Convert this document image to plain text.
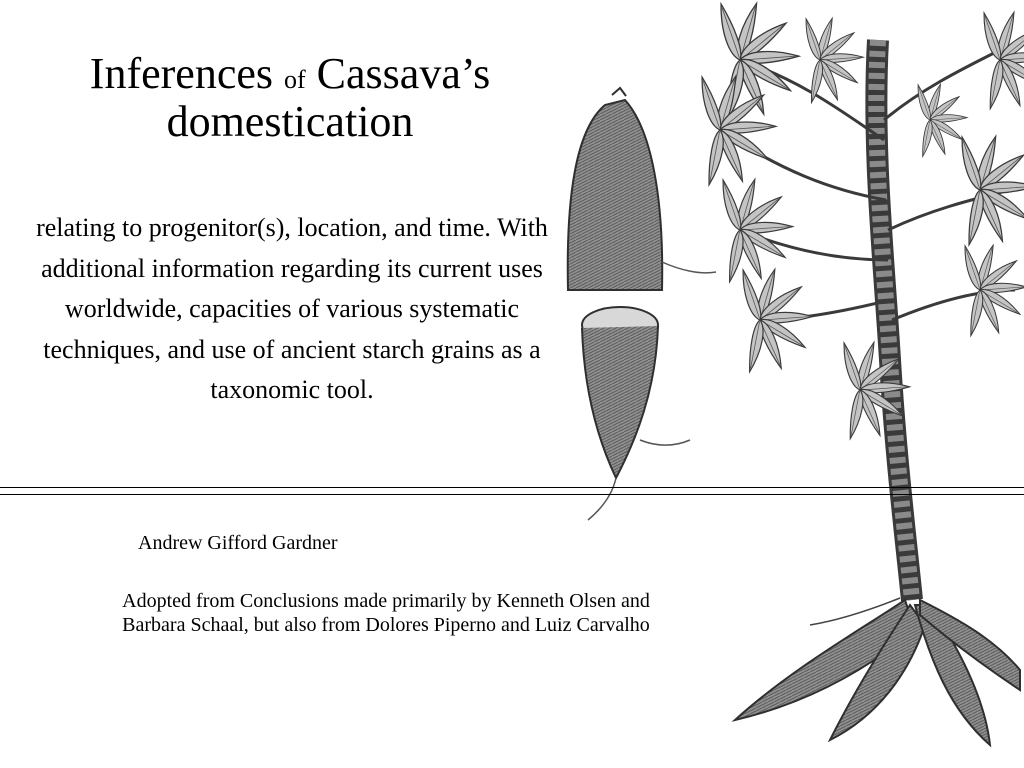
Inferences of Cassava’s
domestication

relating to progenitor(s), location, and time. With additional information regarding its current uses worldwide, capacities of various systematic techniques, and use of ancient starch grains as a taxonomic tool.

Andrew Gifford Gardner

Adopted from Conclusions made primarily by Kenneth Olsen and
Barbara Schaal, but also from Dolores Piperno and Luiz Carvalho
